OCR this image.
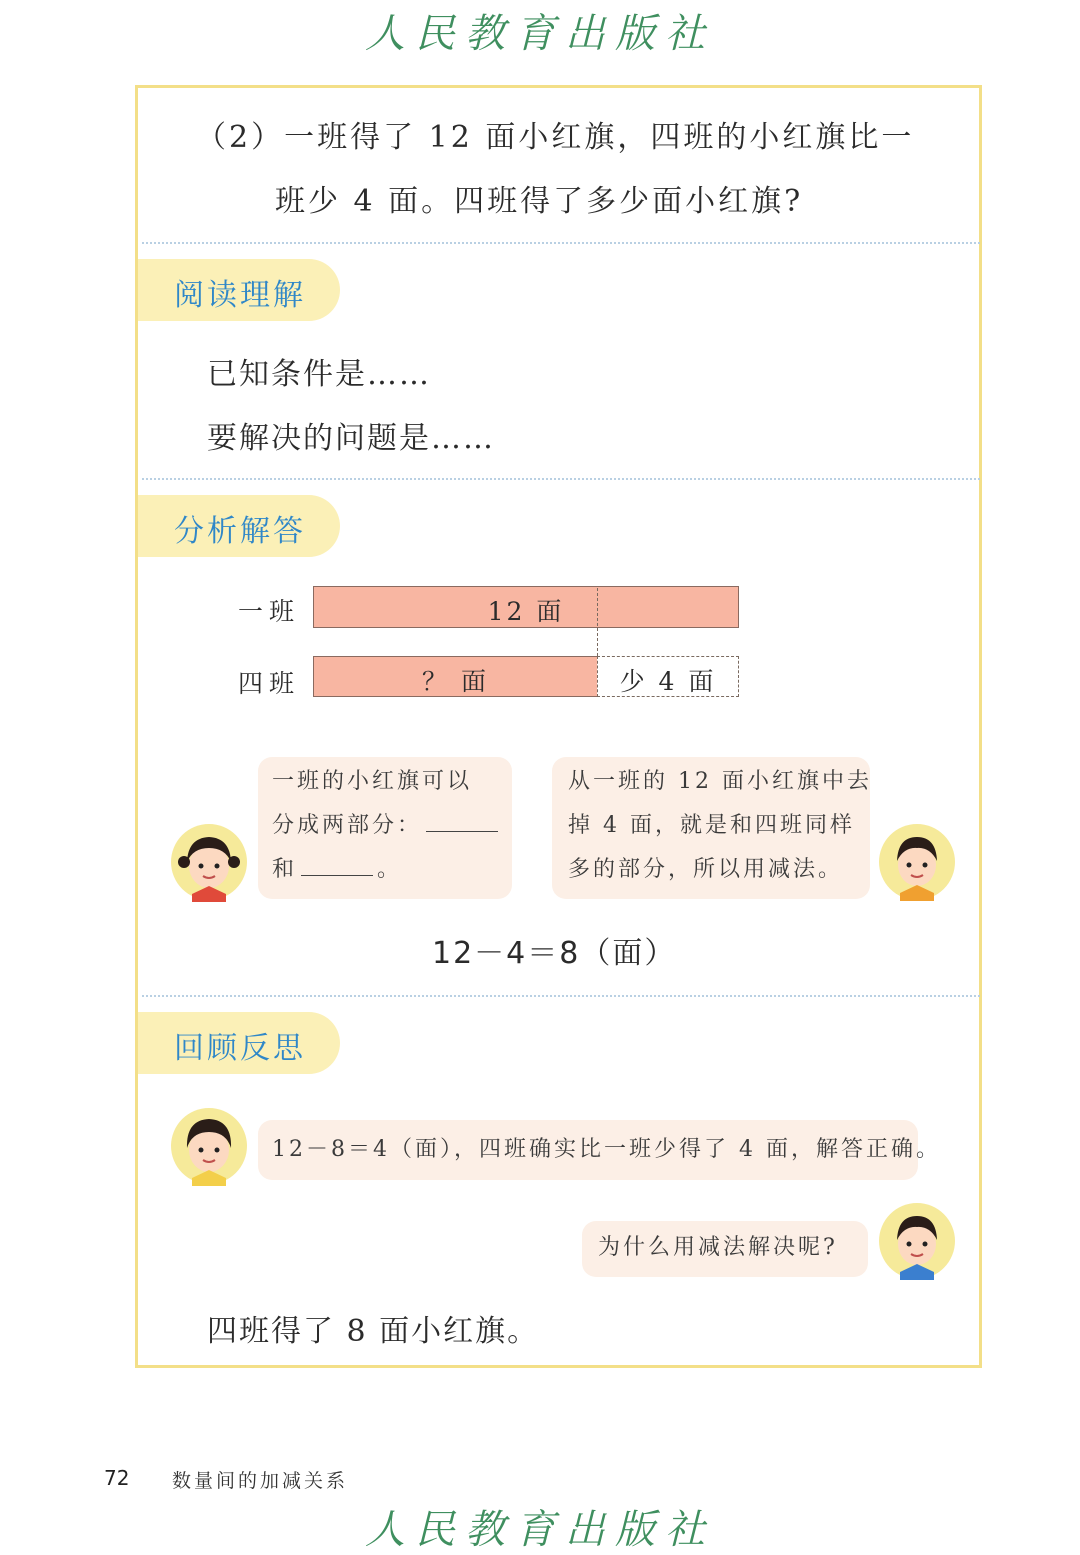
人民教育出版社
（2）一班得了 12 面小红旗，四班的小红旗比一
班少 4 面。四班得了多少面小红旗?
阅读理解
已知条件是……
要解决的问题是……
分析解答
一班	12 面
四班	？ 面	少 4 面
一班的小红旗可以
分成两部分：
和	。
从一班的 12 面小红旗中去
掉 4 面，就是和四班同样
多的部分，所以用减法。
12－4＝8（面）
回顾反思
12－8＝4（面），四班确实比一班少得了 4 面，解答正确。
为什么用减法解决呢?
四班得了 8 面小红旗。
72 数量间的加减关系
人民教育出版社
